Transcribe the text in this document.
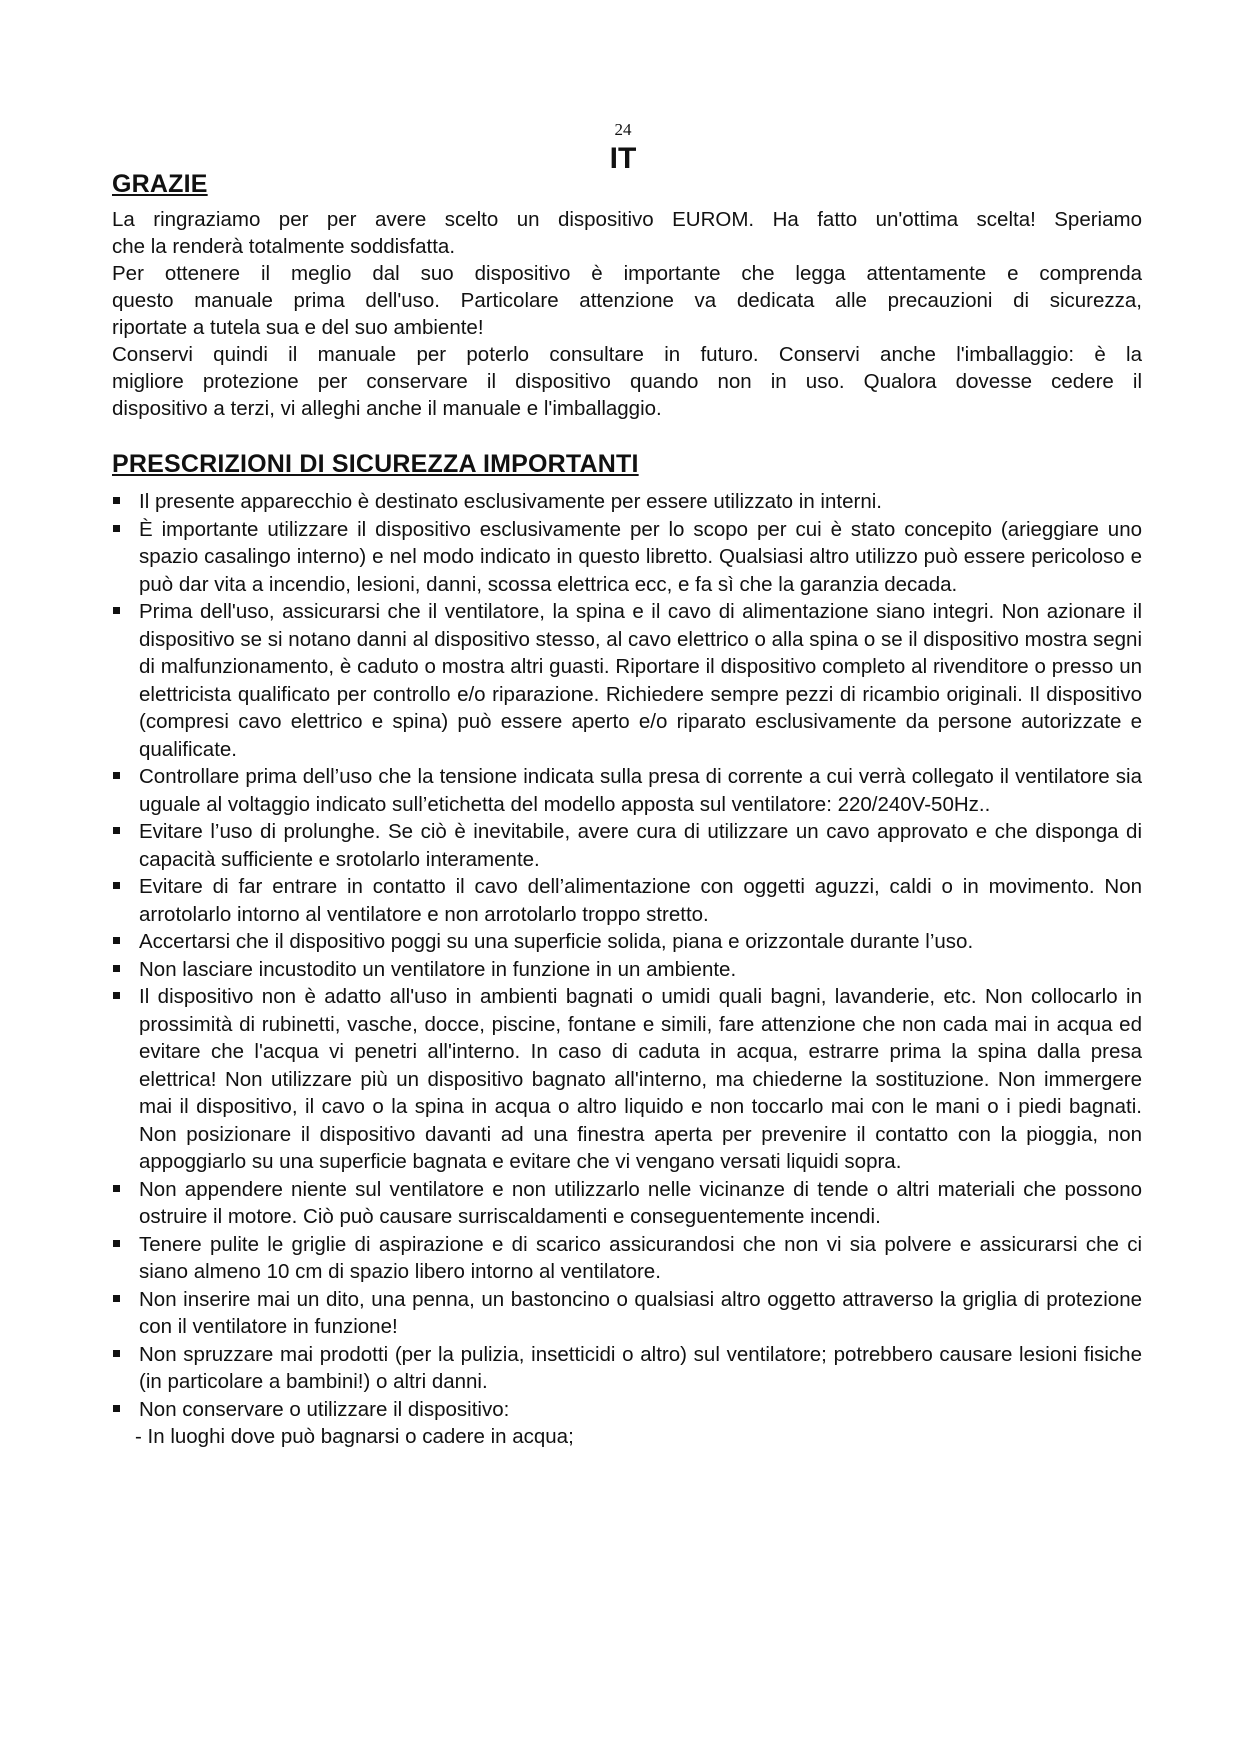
24
IT
GRAZIE

La ringraziamo per per avere scelto un dispositivo EUROM. Ha fatto un'ottima scelta! Speriamo

che la renderà totalmente soddisfatta.

Per ottenere il meglio dal suo dispositivo è importante che legga attentamente e comprenda

questo manuale prima dell'uso. Particolare attenzione va dedicata alle precauzioni di sicurezza,

riportate a tutela sua e del suo ambiente!

Conservi quindi il manuale per poterlo consultare in futuro. Conservi anche l'imballaggio: è la

migliore protezione per conservare il dispositivo quando non in uso. Qualora dovesse cedere il

dispositivo a terzi, vi alleghi anche il manuale e l'imballaggio.

PRESCRIZIONI DI SICUREZZA IMPORTANTI
Il presente apparecchio è destinato esclusivamente per essere utilizzato in interni.
È importante utilizzare il dispositivo esclusivamente per lo scopo per cui è stato concepito (arieggiare uno spazio casalingo interno) e nel modo indicato in questo libretto. Qualsiasi altro utilizzo può essere pericoloso e può dar vita a incendio, lesioni, danni, scossa elettrica ecc, e fa sì che la garanzia decada.
Prima dell'uso, assicurarsi che il ventilatore, la spina e il cavo di alimentazione siano integri. Non azionare il dispositivo se si notano danni al dispositivo stesso, al cavo elettrico o alla spina o se il dispositivo mostra segni di malfunzionamento, è caduto o mostra altri guasti. Riportare il dispositivo completo al rivenditore o presso un elettricista qualificato per controllo e/o riparazione. Richiedere sempre pezzi di ricambio originali. Il dispositivo (compresi cavo elettrico e spina) può essere aperto e/o riparato esclusivamente da persone autorizzate e qualificate.
Controllare prima dell’uso che la tensione indicata sulla presa di corrente a cui verrà collegato il ventilatore sia uguale al voltaggio indicato sull’etichetta del modello apposta sul ventilatore: 220/240V-50Hz..
Evitare l’uso di prolunghe. Se ciò è inevitabile, avere cura di utilizzare un cavo approvato e che disponga di capacità sufficiente e srotolarlo interamente.
Evitare di far entrare in contatto il cavo dell’alimentazione con oggetti aguzzi, caldi o in movimento. Non arrotolarlo intorno al ventilatore e non arrotolarlo troppo stretto.
Accertarsi che il dispositivo poggi su una superficie solida, piana e orizzontale durante l’uso.
Non lasciare incustodito un ventilatore in funzione in un ambiente.
Il dispositivo non è adatto all'uso in ambienti bagnati o umidi quali bagni, lavanderie, etc. Non collocarlo in prossimità di rubinetti, vasche, docce, piscine, fontane e simili, fare attenzione che non cada mai in acqua ed evitare che l'acqua vi penetri all'interno. In caso di caduta in acqua, estrarre prima la spina dalla presa elettrica! Non utilizzare più un dispositivo bagnato all'interno, ma chiederne la sostituzione. Non immergere mai il dispositivo, il cavo o la spina in acqua o altro liquido e non toccarlo mai con le mani o i piedi bagnati. Non posizionare il dispositivo davanti ad una finestra aperta per prevenire il contatto con la pioggia, non appoggiarlo su una superficie bagnata e evitare che vi vengano versati liquidi sopra.
Non appendere niente sul ventilatore e non utilizzarlo nelle vicinanze di tende o altri materiali che possono ostruire il motore. Ciò può causare surriscaldamenti e conseguentemente incendi.
Tenere pulite le griglie di aspirazione e di scarico assicurandosi che non vi sia polvere e assicurarsi che ci siano almeno 10 cm di spazio libero intorno al ventilatore.
Non inserire mai un dito, una penna, un bastoncino o qualsiasi altro oggetto attraverso la griglia di protezione con il ventilatore in funzione!
Non spruzzare mai prodotti (per la pulizia, insetticidi o altro) sul ventilatore; potrebbero causare lesioni fisiche (in particolare a bambini!) o altri danni.
Non conservare o utilizzare il dispositivo:
- In luoghi dove può bagnarsi o cadere in acqua;
